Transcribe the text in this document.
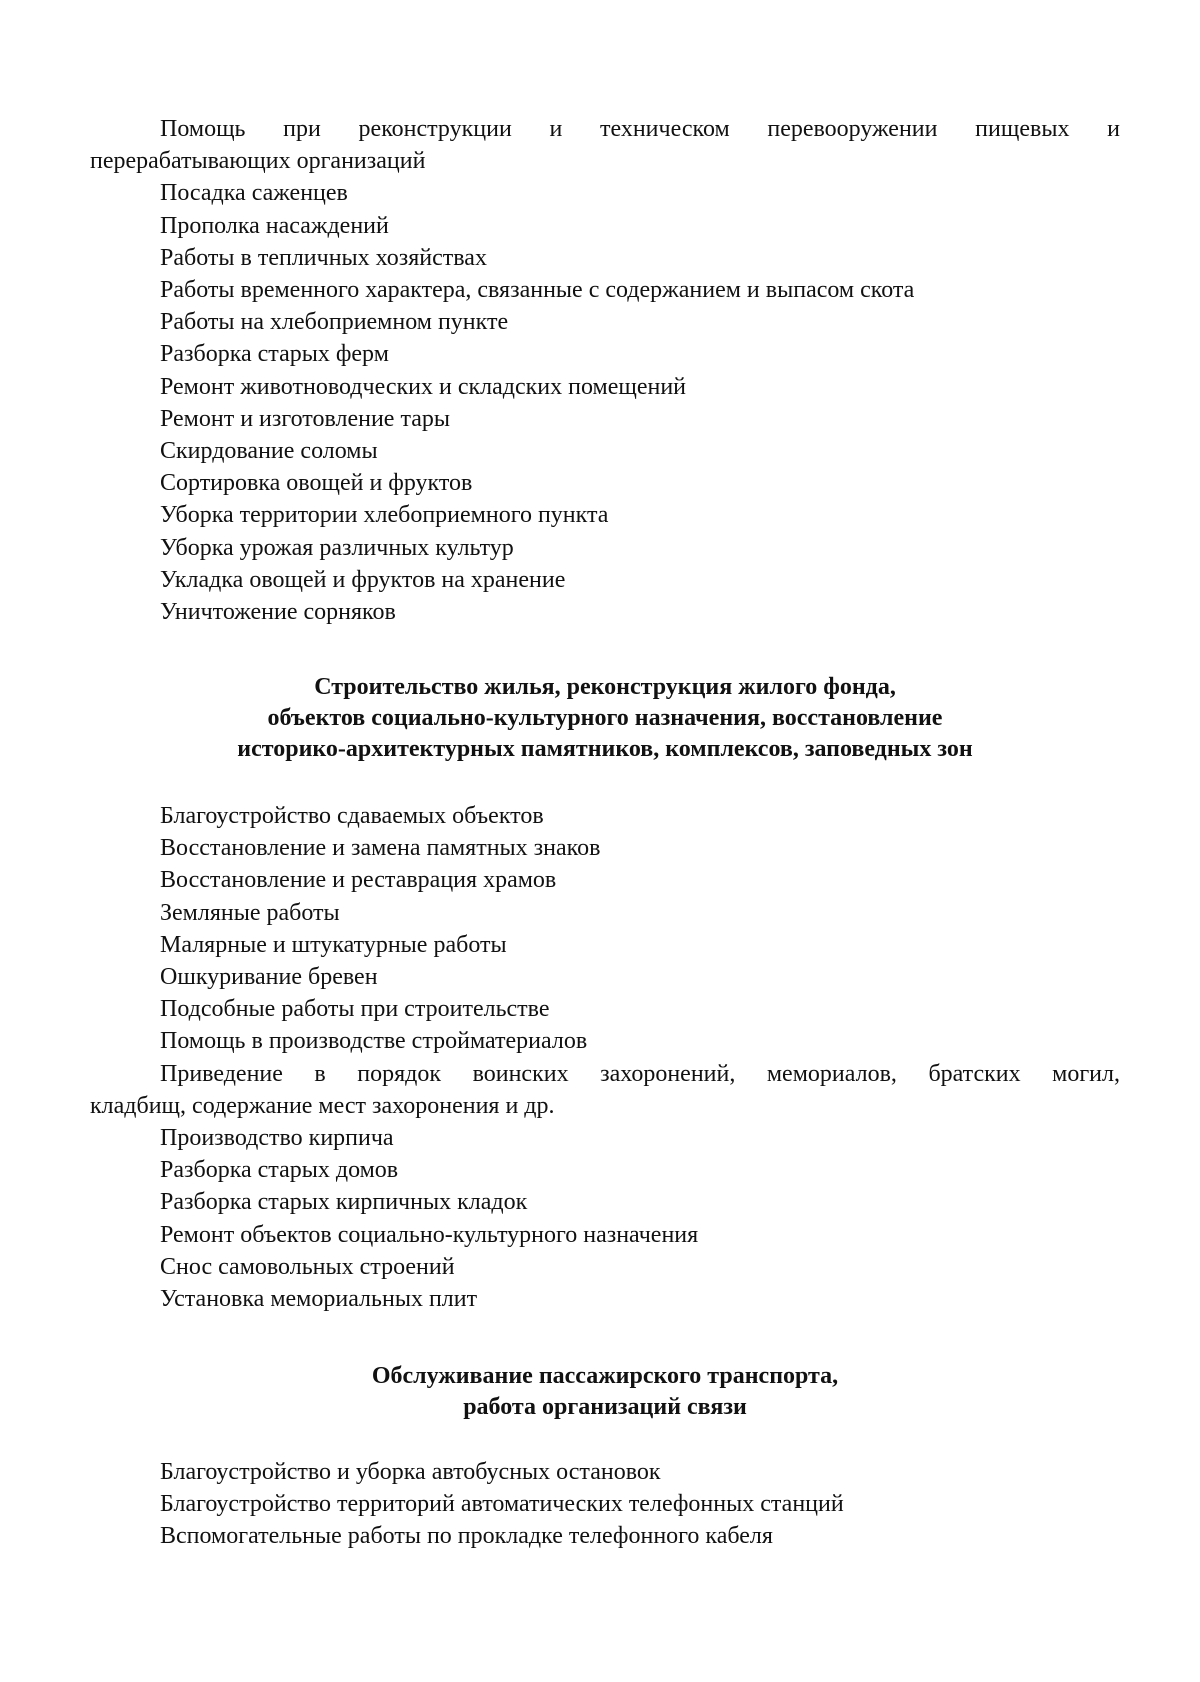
Помощь при реконструкции и техническом перевооружении пищевых и
перерабатывающих организаций
Посадка саженцев
Прополка насаждений
Работы в тепличных хозяйствах
Работы временного характера, связанные с содержанием и выпасом скота
Работы на хлебоприемном пункте
Разборка старых ферм
Ремонт животноводческих и складских помещений
Ремонт и изготовление тары
Скирдование соломы
Сортировка овощей и фруктов
Уборка территории хлебоприемного пункта
Уборка урожая различных культур
Укладка овощей и фруктов на хранение
Уничтожение сорняков
Строительство жилья, реконструкция жилого фонда,
объектов социально-культурного назначения, восстановление
историко-архитектурных памятников, комплексов, заповедных зон
Благоустройство сдаваемых объектов
Восстановление и замена памятных знаков
Восстановление и реставрация храмов
Земляные работы
Малярные и штукатурные работы
Ошкуривание бревен
Подсобные работы при строительстве
Помощь в производстве стройматериалов
Приведение в порядок воинских захоронений, мемориалов, братских могил,
кладбищ, содержание мест захоронения и др.
Производство кирпича
Разборка старых домов
Разборка старых кирпичных кладок
Ремонт объектов социально-культурного назначения
Снос самовольных строений
Установка мемориальных плит
Обслуживание пассажирского транспорта,
работа организаций связи
Благоустройство и уборка автобусных остановок
Благоустройство территорий автоматических телефонных станций
Вспомогательные работы по прокладке телефонного кабеля
